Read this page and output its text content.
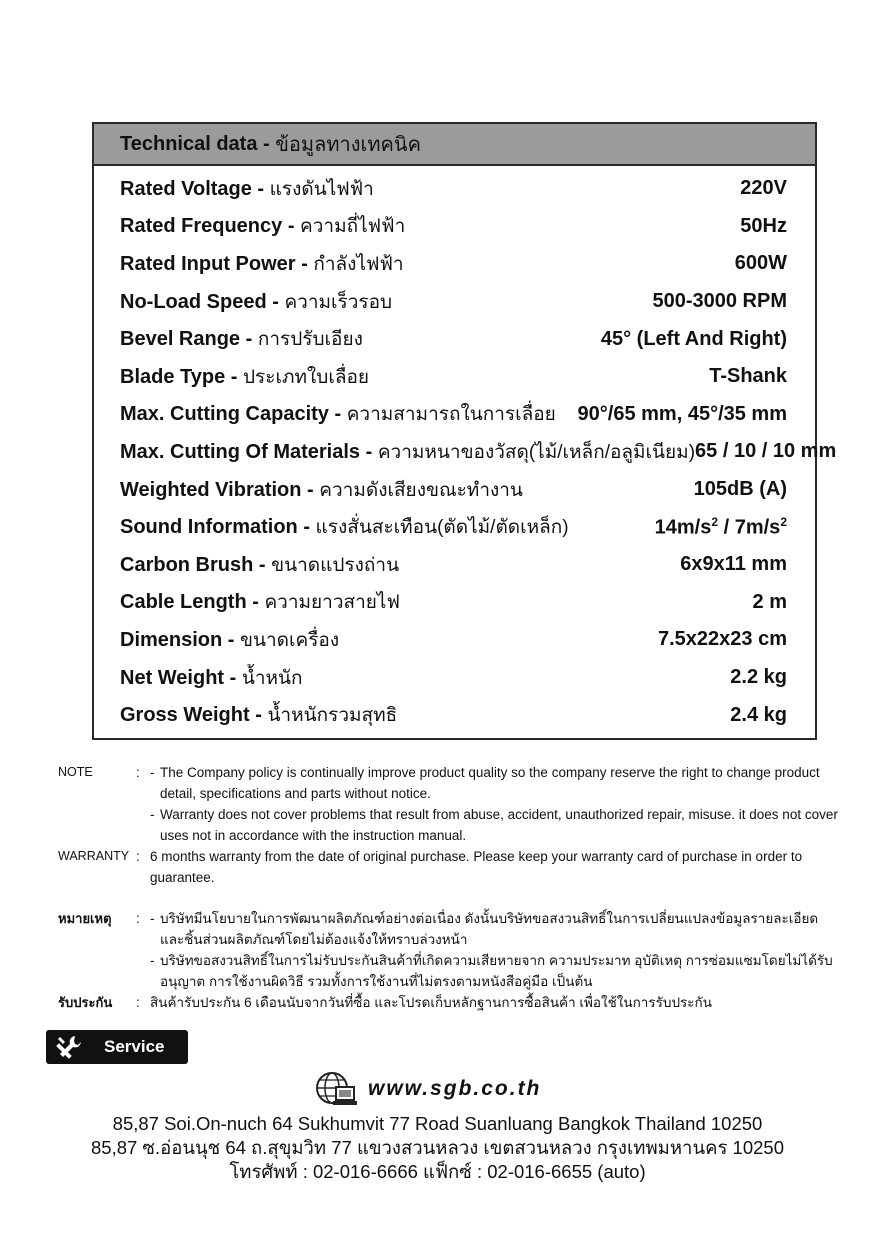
Technical data - ข้อมูลทางเทคนิค
Rated Voltage - แรงดันไฟฟ้า	220V
Rated Frequency - ความถี่ไฟฟ้า	50Hz
Rated Input Power - กำลังไฟฟ้า	600W
No-Load Speed - ความเร็วรอบ	500-3000 RPM
Bevel Range - การปรับเอียง	45° (Left And Right)
Blade Type - ประเภทใบเลื่อย	T-Shank
Max. Cutting Capacity - ความสามารถในการเลื่อย 90°/65 mm, 45°/35 mm
Max. Cutting Of Materials - ความหนาของวัสดุ(ไม้/เหล็ก/อลูมิเนียม) 65 / 10 / 10 mm
Weighted Vibration - ความดังเสียงขณะทำงาน	105dB (A)
Sound Information - แรงสั่นสะเทือน(ตัดไม้/ตัดเหล็ก)	$14m/s^2 / 7m/s^2$
Carbon Brush - ขนาดแปรงถ่าน	6x9x11 mm
Cable Length - ความยาวสายไฟ	2 m
Dimension - ขนาดเครื่อง	7.5x22x23 cm
Net Weight - น้ำหนัก	2.2 kg
Gross Weight - น้ำหนักรวมสุทธิ	2.4 kg
NOTE	: - The Company policy is continually improve product quality so the company reserve the right to change product detail, specifications and parts without notice.
- Warranty does not cover problems that result from abuse, accident, unauthorized repair, misuse. it does not cover uses not in accordance with the instruction manual.
WARRANTY : 6 months warranty from the date of original purchase. Please keep your warranty card of purchase in order to guarantee.
หมายเหตุ	: - บริษัทมีนโยบายในการพัฒนาผลิตภัณฑ์อย่างต่อเนื่อง ดังนั้นบริษัทขอสงวนสิทธิ์ในการเปลี่ยนแปลงข้อมูลรายละเอียดและชิ้นส่วนผลิตภัณฑ์โดยไม่ต้องแจ้งให้ทราบล่วงหน้า
- บริษัทขอสงวนสิทธิ์ในการไม่รับประกันสินค้าที่เกิดความเสียหายจาก ความประมาท อุบัติเหตุ การซ่อมแซมโดยไม่ได้รับอนุญาต การใช้งานผิดวิธี รวมทั้งการใช้งานที่ไม่ตรงตามหนังสือคู่มือ เป็นต้น
รับประกัน	: สินค้ารับประกัน 6 เดือนนับจากวันที่ซื้อ และโปรดเก็บหลักฐานการซื้อสินค้า เพื่อใช้ในการรับประกัน
Service
www.sgb.co.th
85,87 Soi.On-nuch 64 Sukhumvit 77 Road Suanluang Bangkok Thailand 10250
85,87 ซ.อ่อนนุช 64 ถ.สุขุมวิท 77 แขวงสวนหลวง เขตสวนหลวง กรุงเทพมหานคร 10250
โทรศัพท์ : 02-016-6666 แฟ็กซ์ : 02-016-6655 (auto)
